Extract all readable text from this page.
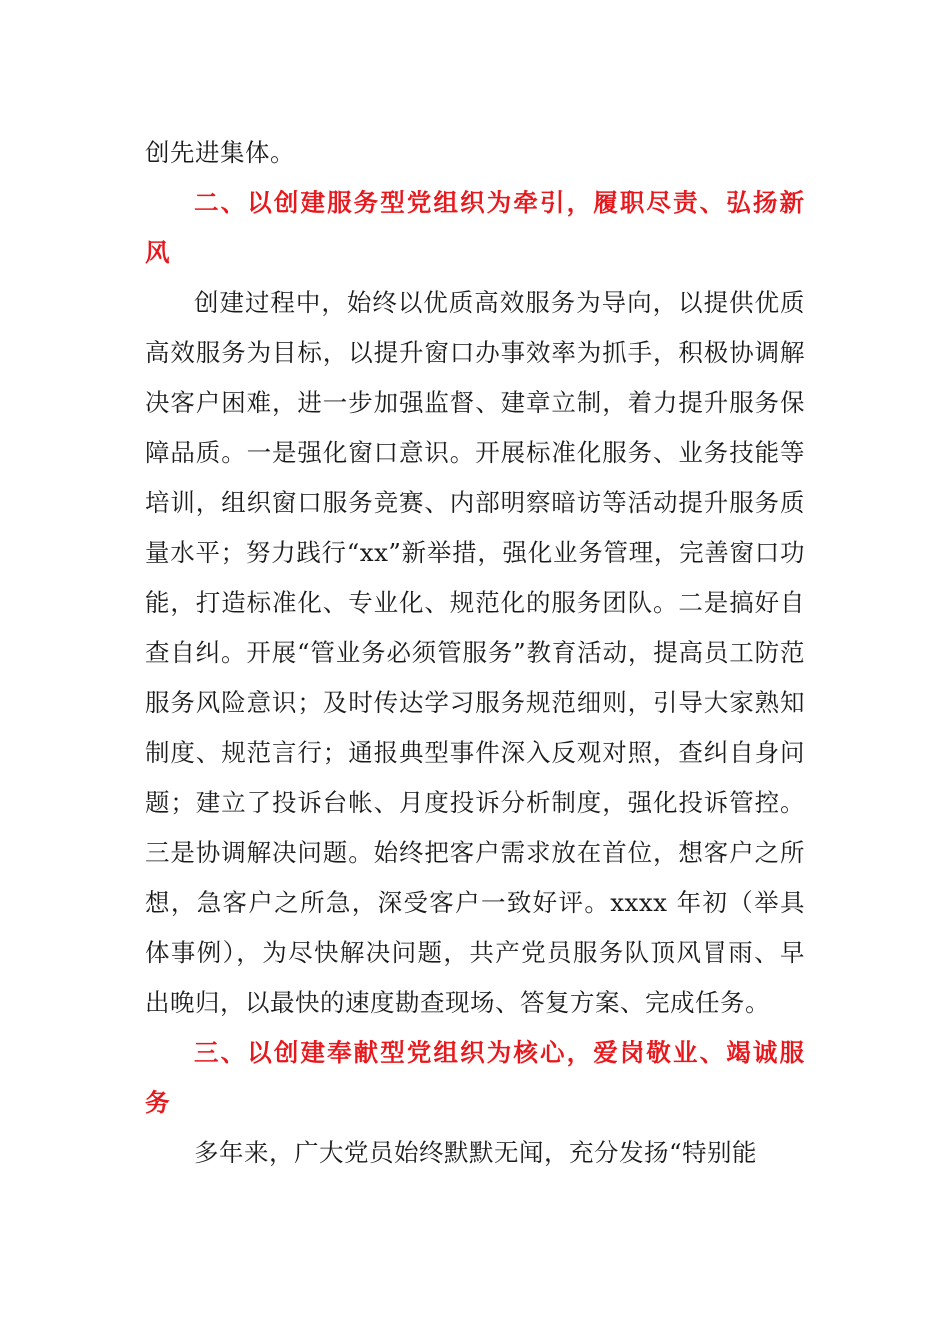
创先进集体。

二、以创建服务型党组织为牵引，履职尽责、弘扬新风

创建过程中，始终以优质高效服务为导向，以提供优质高效服务为目标，以提升窗口办事效率为抓手，积极协调解决客户困难，进一步加强监督、建章立制，着力提升服务保障品质。一是强化窗口意识。开展标准化服务、业务技能等培训，组织窗口服务竞赛、内部明察暗访等活动提升服务质量水平；努力践行“xx”新举措，强化业务管理，完善窗口功能，打造标准化、专业化、规范化的服务团队。二是搞好自查自纠。开展“管业务必须管服务”教育活动，提高员工防范服务风险意识；及时传达学习服务规范细则，引导大家熟知制度、规范言行；通报典型事件深入反观对照，查纠自身问题；建立了投诉台帐、月度投诉分析制度，强化投诉管控。三是协调解决问题。始终把客户需求放在首位，想客户之所想，急客户之所急，深受客户一致好评。xxxx 年初（举具体事例），为尽快解决问题，共产党员服务队顶风冒雨、早出晚归，以最快的速度勘查现场、答复方案、完成任务。

三、以创建奉献型党组织为核心，爱岗敬业、竭诚服务

多年来，广大党员始终默默无闻，充分发扬“特别能
